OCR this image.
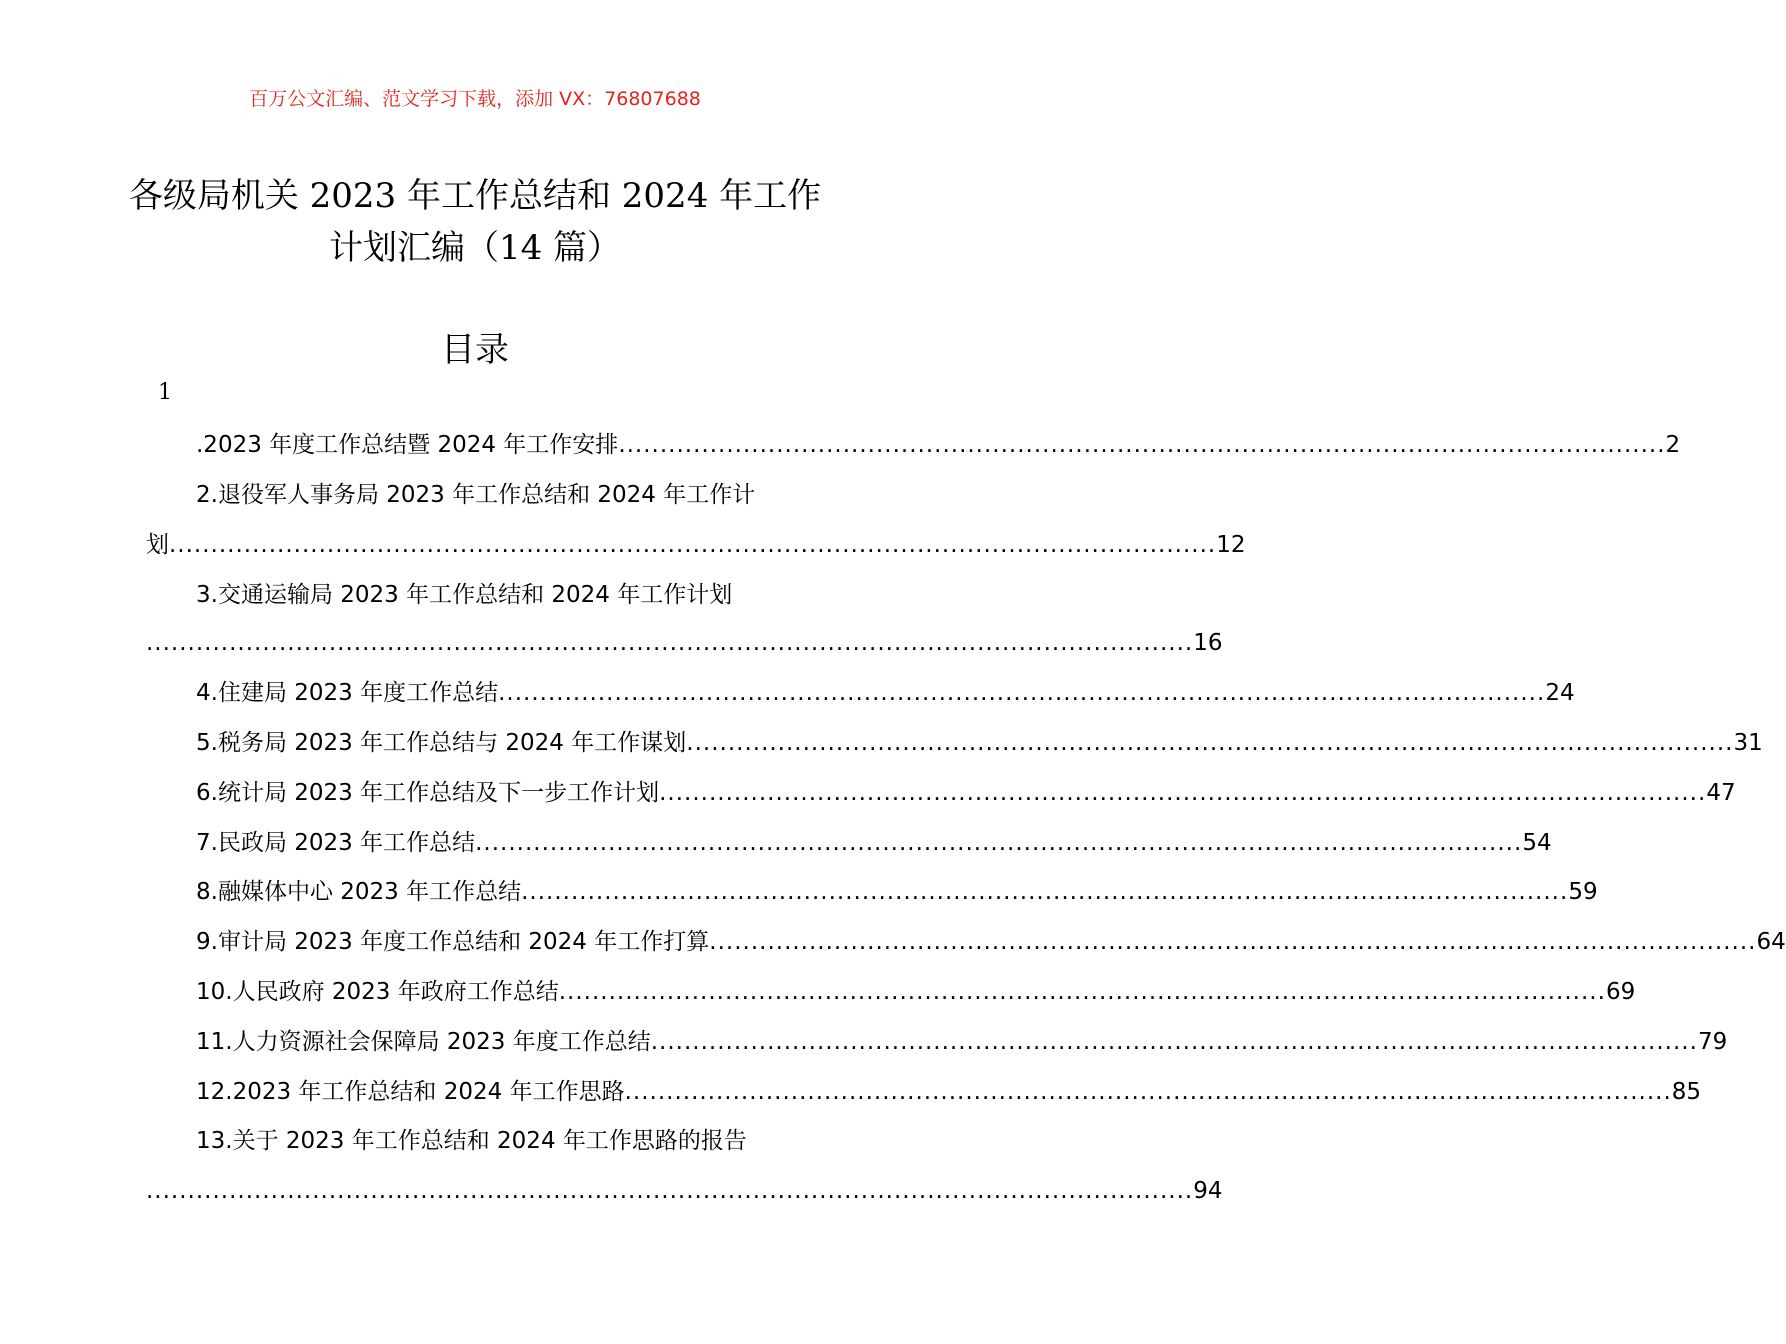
百万公文汇编、范文学习下载，添加 VX：76807688
各级局机关 2023 年工作总结和 2024 年工作
计划汇编（14 篇）
目录
1
.2023 年度工作总结暨 2024 年工作安排 .............................................................................................................................. 2
2.退役军人事务局 2023 年工作总结和 2024 年工作计
划 .............................................................................................................................. 12
3.交通运输局 2023 年工作总结和 2024 年工作计划
.............................................................................................................................. 16
4.住建局 2023 年度工作总结 .............................................................................................................................. 24
5.税务局 2023 年工作总结与 2024 年工作谋划 .............................................................................................................................. 31
6.统计局 2023 年工作总结及下一步工作计划 .............................................................................................................................. 47
7.民政局 2023 年工作总结 .............................................................................................................................. 54
8.融媒体中心 2023 年工作总结 .............................................................................................................................. 59
9.审计局 2023 年度工作总结和 2024 年工作打算 .............................................................................................................................. 64
10.人民政府 2023 年政府工作总结 .............................................................................................................................. 69
11.人力资源社会保障局 2023 年度工作总结 .............................................................................................................................. 79
12.2023 年工作总结和 2024 年工作思路 .............................................................................................................................. 85
13.关于 2023 年工作总结和 2024 年工作思路的报告
.............................................................................................................................. 94
